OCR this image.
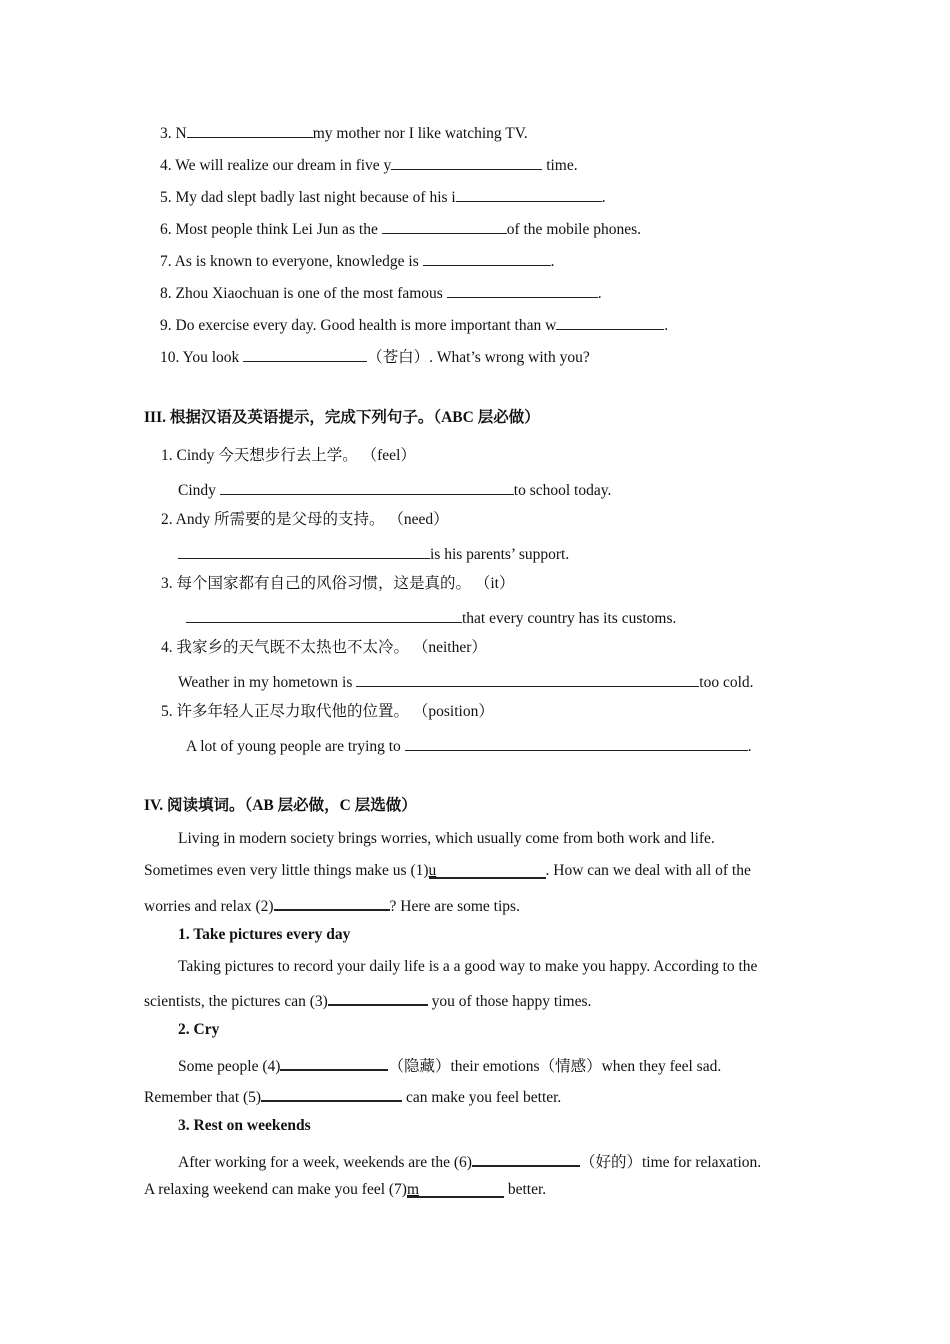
3. N	my mother nor I like watching TV.
4. We will realize our dream in five y	time.
5. My dad slept badly last night because of his i	.
6. Most people think Lei Jun as the	of the mobile phones.
7. As is known to everyone, knowledge is	.
8. Zhou Xiaochuan is one of the most famous	.
9. Do exercise every day. Good health is more important than w	.
10. You look	（苍白）. What’s wrong with you?
III. 根据汉语及英语提示，完成下列句子。（ABC 层必做）
1. Cindy 今天想步行去上学。 （feel）
Cindy	to school today.
2. Andy 所需要的是父母的支持。 （need）
is his parents’ support.
3. 每个国家都有自己的风俗习惯，这是真的。 （it）
that every country has its customs.
4. 我家乡的天气既不太热也不太冷。 （neither）
Weather in my hometown is	too cold.
5. 许多年轻人正尽力取代他的位置。 （position）
A lot of young people are trying to	.
IV. 阅读填词。（AB 层必做，C 层选做）
Living in modern society brings worries, which usually come from both work and life.
Sometimes even very little things make us (1)u	. How can we deal with all of the
worries and relax (2)	? Here are some tips.
1. Take pictures every day
Taking pictures to record your daily life is a a good way to make you happy. According to the
scientists, the pictures can (3)	you of those happy times.
2. Cry
Some people (4)	（隐藏）their emotions（情感）when they feel sad.
Remember that (5)	can make you feel better.
3. Rest on weekends
After working for a week, weekends are the (6)	（好的）time for relaxation.
A relaxing weekend can make you feel (7)m	better.
